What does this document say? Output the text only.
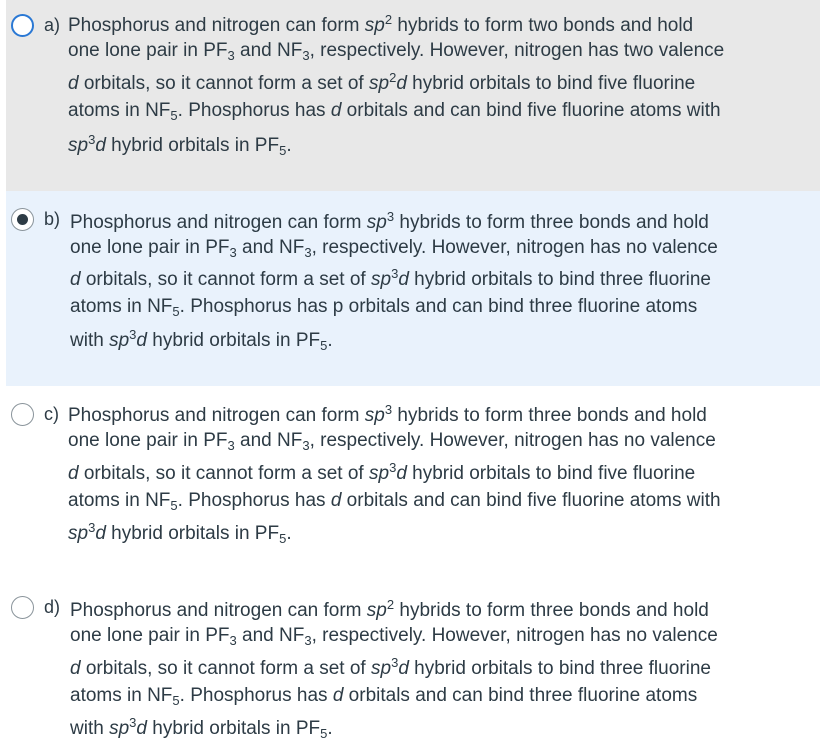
a) Phosphorus and nitrogen can form $sp^2$ hybrids to form two bonds and hold
one lone pair in $PF_3$ and $NF_3$, respectively. However, nitrogen has two valence
d orbitals, so it cannot form a set of $sp^2d$ hybrid orbitals to bind five fluorine
atoms in $NF_5$. Phosphorus has d orbitals and can bind five fluorine atoms with
$sp^3d$ hybrid orbitals in $PF_5$.
b) Phosphorus and nitrogen can form $sp^3$ hybrids to form three bonds and hold
one lone pair in $PF_3$ and $NF_3$, respectively. However, nitrogen has no valence
d orbitals, so it cannot form a set of $sp^3d$ hybrid orbitals to bind three fluorine
atoms in $NF_5$. Phosphorus has p orbitals and can bind three fluorine atoms
with $sp^3d$ hybrid orbitals in $PF_5$.
c) Phosphorus and nitrogen can form $sp^3$ hybrids to form three bonds and hold
one lone pair in $PF_3$ and $NF_3$, respectively. However, nitrogen has no valence
d orbitals, so it cannot form a set of $sp^3d$ hybrid orbitals to bind five fluorine
atoms in $NF_5$. Phosphorus has d orbitals and can bind five fluorine atoms with
$sp^3d$ hybrid orbitals in $PF_5$.
d) Phosphorus and nitrogen can form $sp^2$ hybrids to form three bonds and hold
one lone pair in $PF_3$ and $NF_3$, respectively. However, nitrogen has no valence
d orbitals, so it cannot form a set of $sp^3d$ hybrid orbitals to bind three fluorine
atoms in $NF_5$. Phosphorus has d orbitals and can bind three fluorine atoms
with $sp^3d$ hybrid orbitals in $PF_5$.
